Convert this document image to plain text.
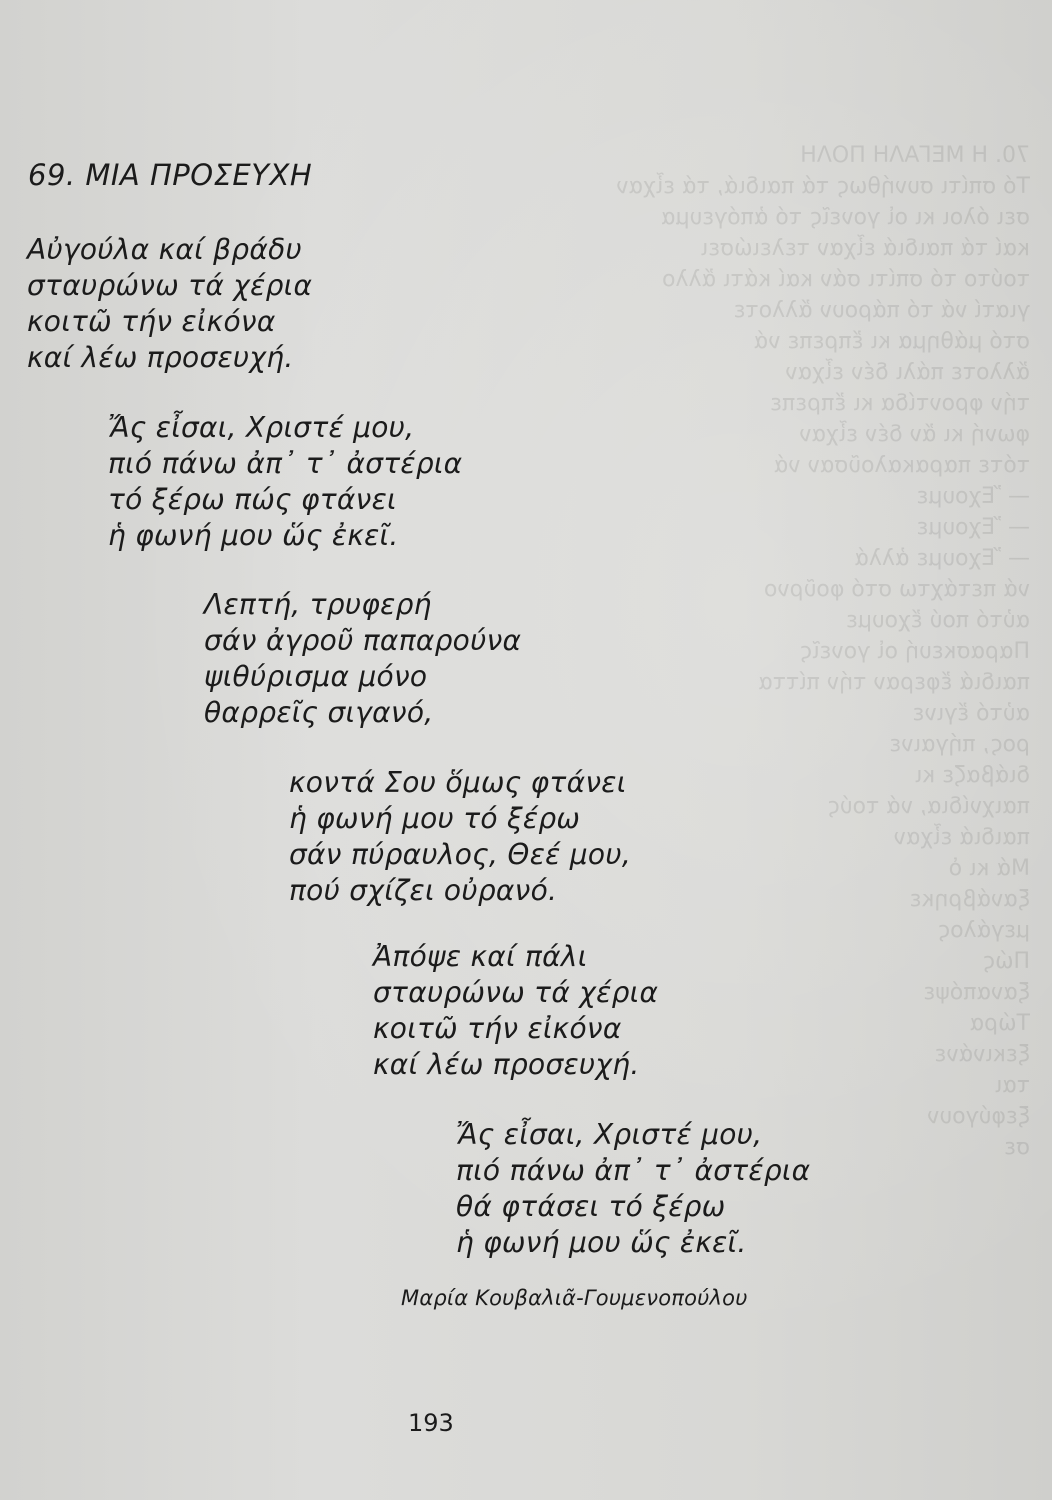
70. Η ΜΕΓΑΛΗ ΠΟΛΗ
Τό σπίτι συνήθως τά παιδιά, τά εἶχαν
σει όλοι κι οἱ γονεῖς τό ἀπόγευμα
καί τά παιδιά εἶχαν τελειώσει
τούτο τό σπίτι σάν καί κάτι ἄλλο
γιατί νά τό πάρουν ἄλλοτε
στό μάθημα κι ἔπρεπε νά
ἄλλοτε πάλι δέν εἶχαν
τήν φροντίδα κι ἔπρεπε
φωνή κι ἄν δέν εἶχαν
τότε παρακαλοῦσαν νά
— Ἔχουμε
— Ἔχουμε
— Ἔχουμε ἀλλά
νά πετάχτω στό φοῦρνο
αὐτό πού ἔχουμε
Παρασκευή οἱ γονεῖς
παιδιά ἔφεραν τήν πίττα
αὐτό ἔγινε
ρος, πήγαινε
διάβαζε κι
παιχνίδια, νά τούς
παιδιά εἶχαν
Μά κι ὁ
ξανάβρηκε
μεγάλος
Πώς
ξαναπόψε
Τώρα
ξεκινάνε
ται
ξεφύγουν
σε
69. ΜΙΑ ΠΡΟΣΕΥΧΗ
Αὐγούλα καί βράδυ
σταυρώνω τά χέρια
κοιτῶ τήν εἰκόνα
καί λέω προσευχή.
Ἄς εἶσαι, Χριστέ μου,
πιό πάνω ἀπ᾽ τ᾽ ἀστέρια
τό ξέρω πώς φτάνει
ἡ φωνή μου ὥς ἐκεῖ.
Λεπτή, τρυφερή
σάν ἀγροῦ παπαρούνα
ψιθύρισμα μόνο
θαρρεῖς σιγανό,
κοντά Σου ὅμως φτάνει
ἡ φωνή μου τό ξέρω
σάν πύραυλος, Θεέ μου,
πού σχίζει οὐρανό.
Ἀπόψε καί πάλι
σταυρώνω τά χέρια
κοιτῶ τήν εἰκόνα
καί λέω προσευχή.
Ἄς εἶσαι, Χριστέ μου,
πιό πάνω ἀπ᾽ τ᾽ ἀστέρια
θά φτάσει τό ξέρω
ἡ φωνή μου ὥς ἐκεῖ.
Μαρία Κουβαλιᾶ-Γουμενοπούλου
193
